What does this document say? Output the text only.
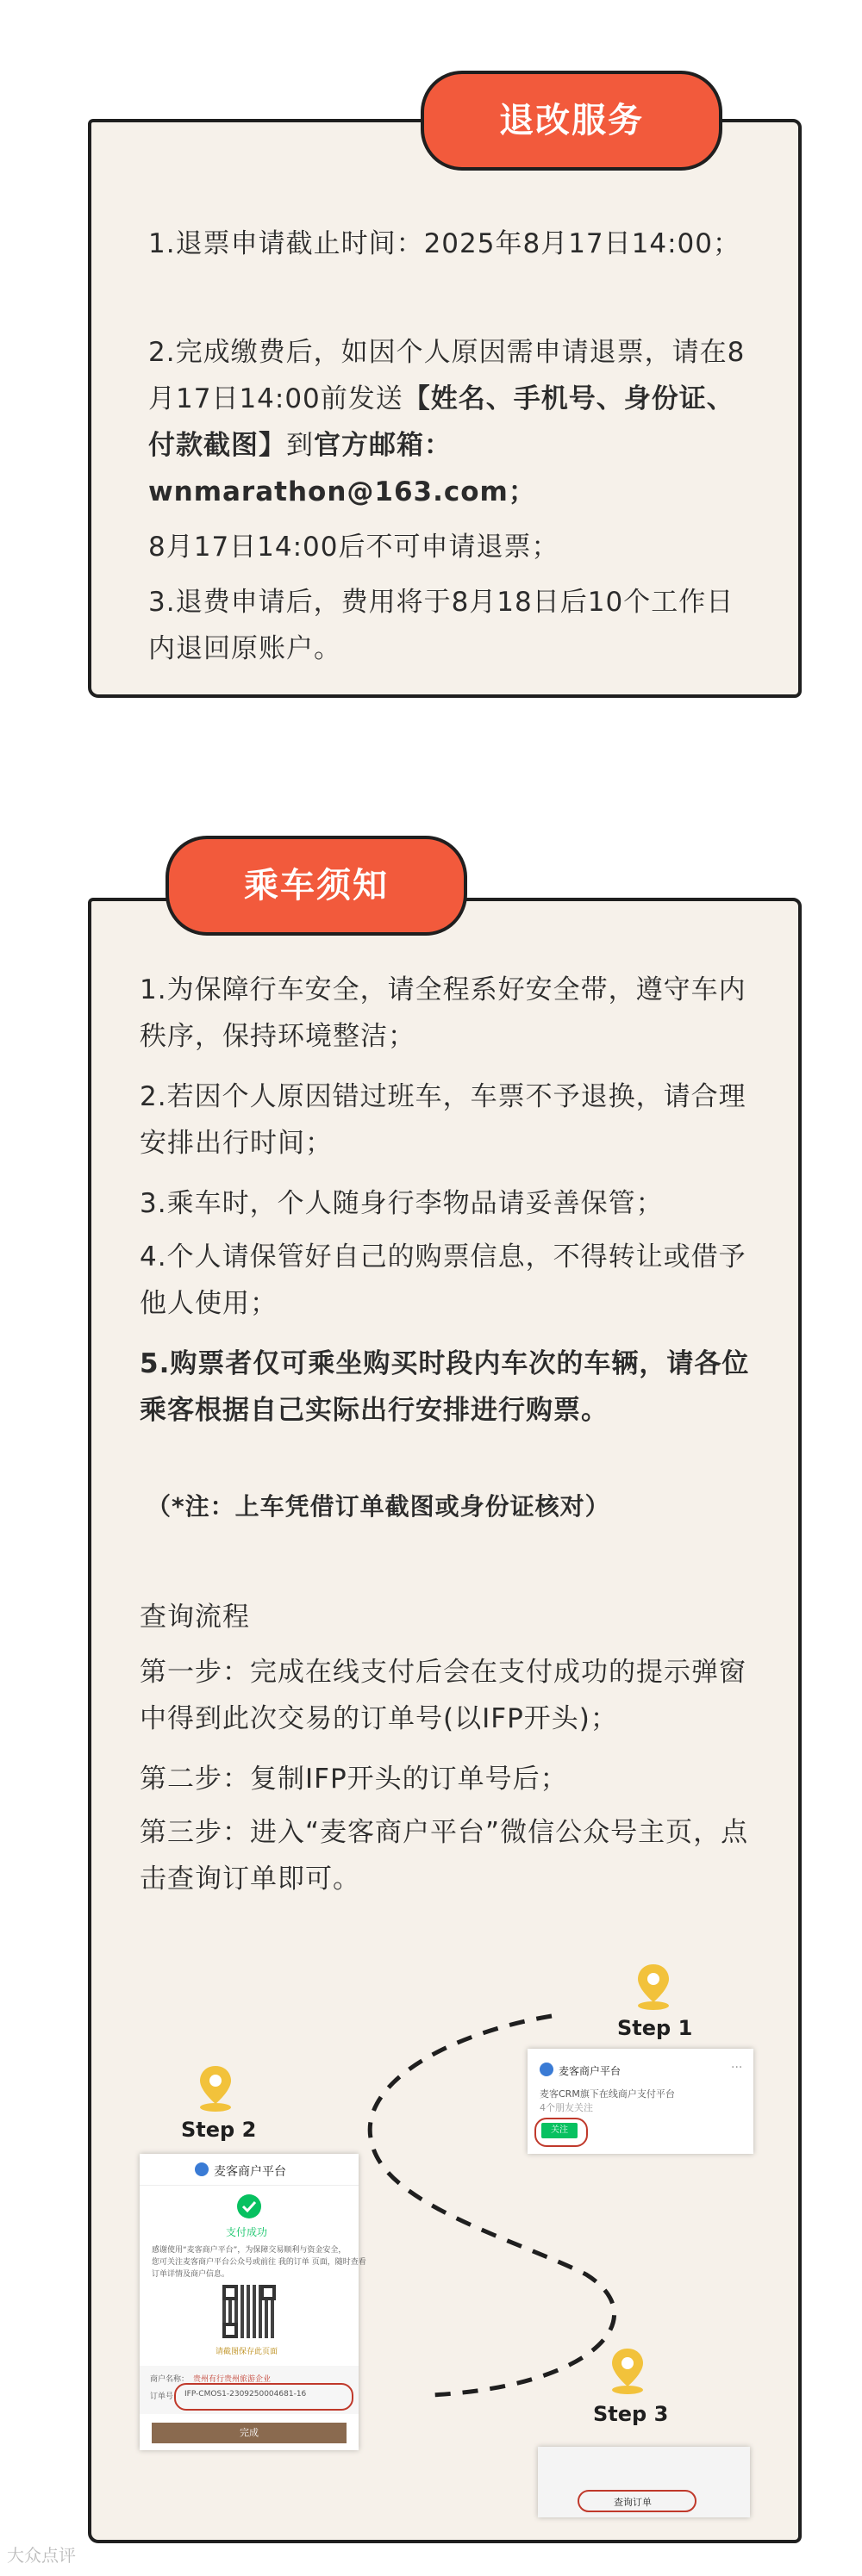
退改服务
1.退票申请截止时间：2025年8月17日14:00；
2.完成缴费后，如因个人原因需申请退票，请在8月17日14:00前发送【姓名、手机号、身份证、付款截图】到官方邮箱：wnmarathon@163.com；
8月17日14:00后不可申请退票；
3.退费申请后，费用将于8月18日后10个工作日内退回原账户。
乘车须知
1.为保障行车安全，请全程系好安全带，遵守车内秩序，保持环境整洁；
2.若因个人原因错过班车，车票不予退换，请合理安排出行时间；
3.乘车时，个人随身行李物品请妥善保管；
4.个人请保管好自己的购票信息，不得转让或借予他人使用；
5.购票者仅可乘坐购买时段内车次的车辆，请各位乘客根据自己实际出行安排进行购票。
（*注：上车凭借订单截图或身份证核对）
查询流程
第一步：完成在线支付后会在支付成功的提示弹窗中得到此次交易的订单号(以IFP开头)；
第二步：复制IFP开头的订单号后；
第三步：进入“麦客商户平台”微信公众号主页，点击查询订单即可。
Step 1
麦客商户平台
麦客CRM旗下在线商户支付平台
4个朋友关注
关注
···
Step 2
麦客商户平台
支付成功
感谢使用“麦客商户平台”，为保障交易顺利与资金安全，
您可关注麦客商户平台公众号或前往 我的订单 页面，随时查看
订单详情及商户信息。
请截图保存此页面
商户名称： 贵州有行贵州旅游企业
订单号： IFP-CMOS1-2309250004681-16
完成
Step 3
查询订单
大众点评
